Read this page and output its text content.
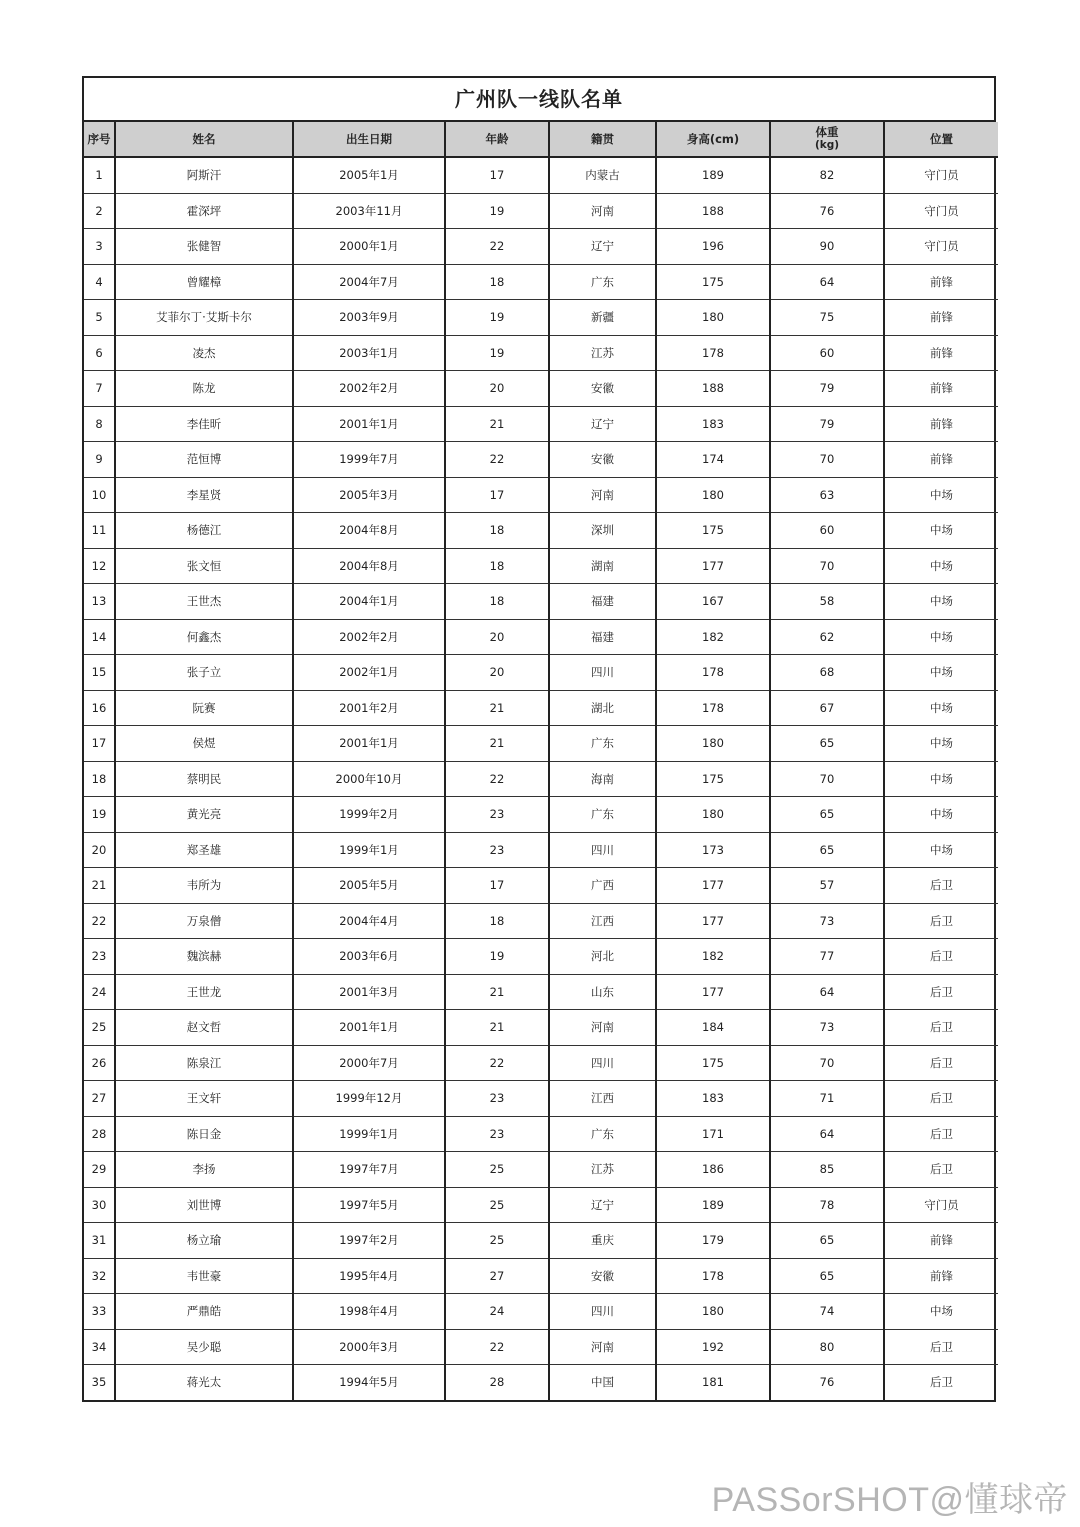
广州队一线队名单
序号	姓名	出生日期	年龄	籍贯	身高(cm)	体重
(kg)	位置
1	阿斯汗	2005年1月	17	内蒙古	189	82	守门员
2	霍深坪	2003年11月	19	河南	188	76	守门员
3	张健智	2000年1月	22	辽宁	196	90	守门员
4	曾耀樟	2004年7月	18	广东	175	64	前锋
5	艾菲尔丁·艾斯卡尔	2003年9月	19	新疆	180	75	前锋
6	凌杰	2003年1月	19	江苏	178	60	前锋
7	陈龙	2002年2月	20	安徽	188	79	前锋
8	李佳昕	2001年1月	21	辽宁	183	79	前锋
9	范恒博	1999年7月	22	安徽	174	70	前锋
10	李星贤	2005年3月	17	河南	180	63	中场
11	杨德江	2004年8月	18	深圳	175	60	中场
12	张文恒	2004年8月	18	湖南	177	70	中场
13	王世杰	2004年1月	18	福建	167	58	中场
14	何鑫杰	2002年2月	20	福建	182	62	中场
15	张子立	2002年1月	20	四川	178	68	中场
16	阮赛	2001年2月	21	湖北	178	67	中场
17	侯煜	2001年1月	21	广东	180	65	中场
18	蔡明民	2000年10月	22	海南	175	70	中场
19	黄光亮	1999年2月	23	广东	180	65	中场
20	郑圣雄	1999年1月	23	四川	173	65	中场
21	韦所为	2005年5月	17	广西	177	57	后卫
22	万泉僧	2004年4月	18	江西	177	73	后卫
23	魏滨赫	2003年6月	19	河北	182	77	后卫
24	王世龙	2001年3月	21	山东	177	64	后卫
25	赵文哲	2001年1月	21	河南	184	73	后卫
26	陈泉江	2000年7月	22	四川	175	70	后卫
27	王文轩	1999年12月	23	江西	183	71	后卫
28	陈日金	1999年1月	23	广东	171	64	后卫
29	李扬	1997年7月	25	江苏	186	85	后卫
30	刘世博	1997年5月	25	辽宁	189	78	守门员
31	杨立瑜	1997年2月	25	重庆	179	65	前锋
32	韦世豪	1995年4月	27	安徽	178	65	前锋
33	严鼎皓	1998年4月	24	四川	180	74	中场
34	吴少聪	2000年3月	22	河南	192	80	后卫
35	蒋光太	1994年5月	28	中国	181	76	后卫
PASSorSHOT@懂球帝
